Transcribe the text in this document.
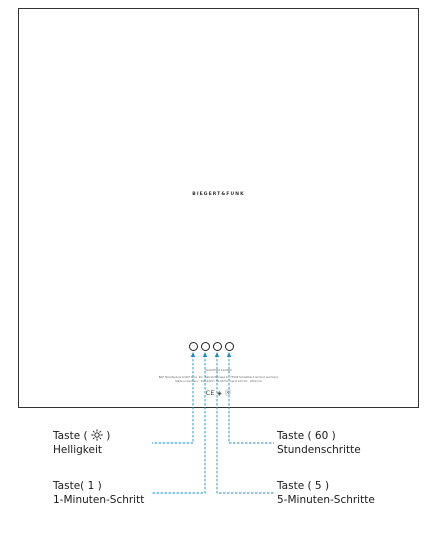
BIEGERT&FUNK
QLOCKTWO CLASSIC
B&F Manufacture GmbH & Co. KG · Bahnhofstrasse 6 · 73525 Schwäbisch Gmünd, Germany
Made in Germany · 100-240V / 50-60 Hz · Input 12V DC · 2500 mA
CE ◈ Ⓧ
Taste ( )
Helligkeit
Taste ( 60 )
Stundenschritte
Taste( 1 )
1-Minuten-Schritt
Taste ( 5 )
5-Minuten-Schritte
